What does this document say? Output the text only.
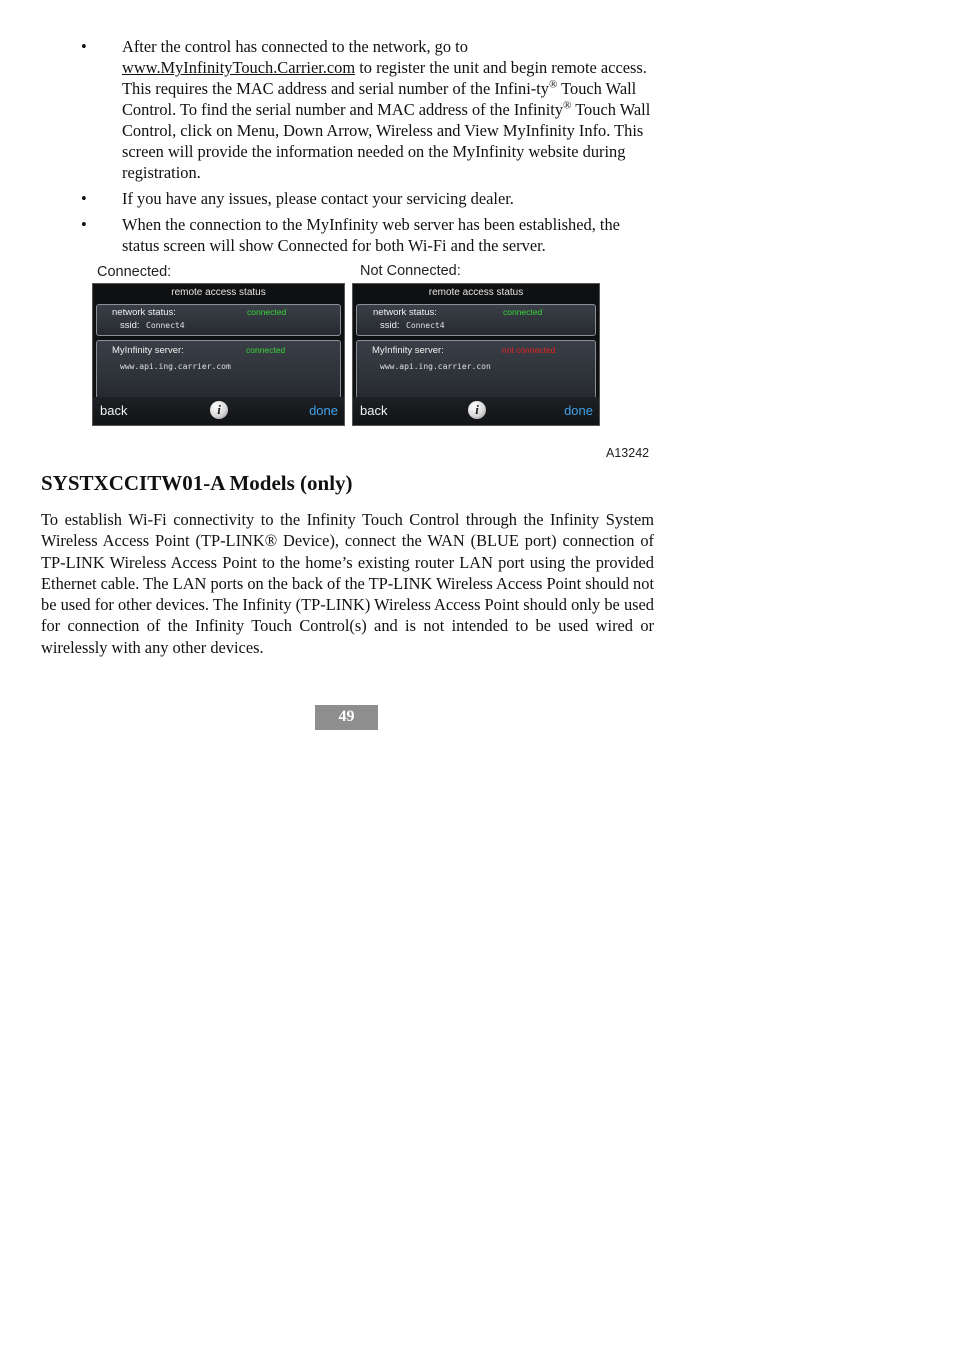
• After the control has connected to the network, go to
www.MyInfinityTouch.Carrier.com to register the unit and begin remote access. This requires the MAC address and serial number of the Infini-ty® Touch Wall Control. To find the serial number and MAC address of the Infinity® Touch Wall Control, click on Menu, Down Arrow, Wireless and View MyInfinity Info. This screen will provide the information needed on the MyInfinity website during registration.
• If you have any issues, please contact your servicing dealer.
• When the connection to the MyInfinity web server has been established, the status screen will show Connected for both Wi-Fi and the server.
Connected:	Not Connected:
remote access status
network status:	connected
ssid: Connect4
MyInfinity server:	connected
www.api.ing.carrier.com
back	i	done
remote access status
network status:	connected
ssid: Connect4
MyInfinity server:	not connected
www.api.ing.carrier.con
back	i	done
A13242
SYSTXCCITW01-A Models (only)

To establish Wi-Fi connectivity to the Infinity Touch Control through the Infinity System Wireless Access Point (TP-LINK® Device), connect the WAN (BLUE port) connection of TP-LINK Wireless Access Point to the home’s existing router LAN port using the provided Ethernet cable. The LAN ports on the back of the TP-LINK Wireless Access Point should not be used for other devices. The Infinity (TP-LINK) Wireless Access Point should only be used for connection of the Infinity Touch Control(s) and is not intended to be used wired or wirelessly with any other devices.

49
